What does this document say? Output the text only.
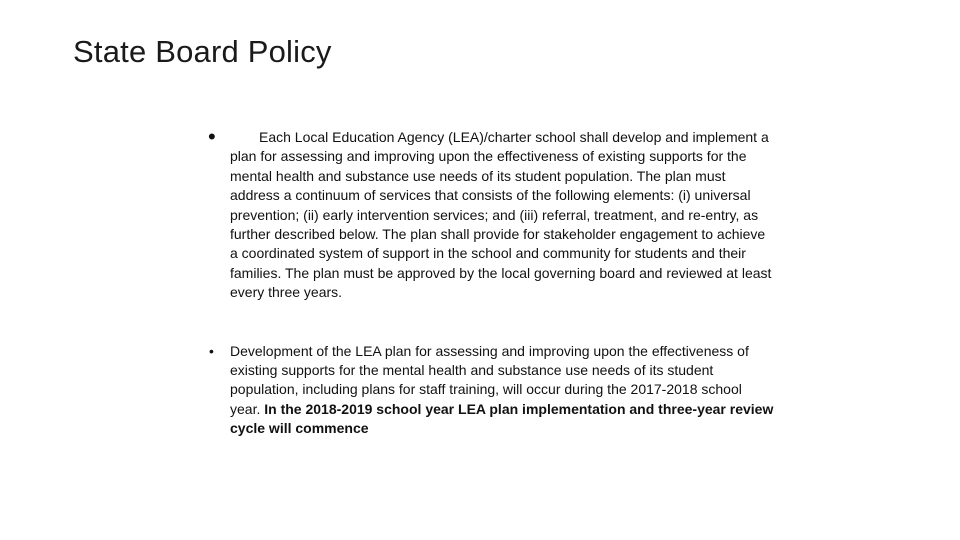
State Board Policy
•	Each Local Education Agency (LEA)/charter school shall develop and implement a plan for assessing and improving upon the effectiveness of existing supports for the mental health and substance use needs of its student population. The plan must address a continuum of services that consists of the following elements: (i) universal prevention; (ii) early intervention services; and (iii) referral, treatment, and re-entry, as further described below. The plan shall provide for stakeholder engagement to achieve a coordinated system of support in the school and community for students and their families. The plan must be approved by the local governing board and reviewed at least every three years.
• Development of the LEA plan for assessing and improving upon the effectiveness of existing supports for the mental health and substance use needs of its student population, including plans for staff training, will occur during the 2017-2018 school year. In the 2018-2019 school year LEA plan implementation and three-year review cycle will commence
